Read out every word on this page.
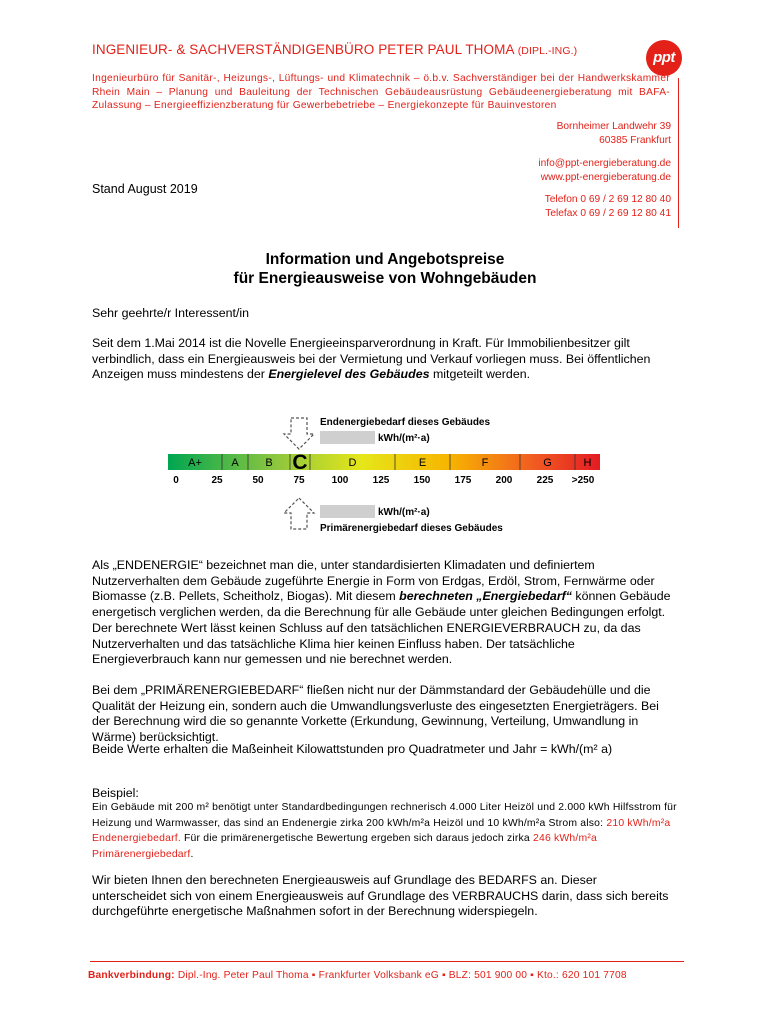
INGENIEUR- & SACHVERSTÄNDIGENBÜRO PETER PAUL THOMA (DIPL.-ING.)	ppt
Ingenieurbüro für Sanitär-, Heizungs-, Lüftungs- und Klimatechnik – ö.b.v. Sachverständiger bei der Handwerkskammer Rhein Main – Planung und Bauleitung der Technischen Gebäudeausrüstung Gebäudeenergieberatung mit BAFA-Zulassung – Energieeffizienzberatung für Gewerbebetriebe – Energiekonzepte für Bauinvestoren
Bornheimer Landwehr 39
60385 Frankfurt
info@ppt-energieberatung.de
www.ppt-energieberatung.de
Telefon 0 69 / 2 69 12 80 40
Telefax 0 69 / 2 69 12 80 41
Stand August 2019
Information und Angebotspreise
für Energieausweise von Wohngebäuden
Sehr geehrte/r Interessent/in
Seit dem 1.Mai 2014 ist die Novelle Energieeinsparverordnung in Kraft. Für Immobilienbesitzer gilt verbindlich, dass ein Energieausweis bei der Vermietung und Verkauf vorliegen muss. Bei öffentlichen Anzeigen muss mindestens der Energielevel des Gebäudes mitgeteilt werden.
Endenergiebedarf dieses Gebäudes
kWh/(m²·a)
A+	A B C	D	E	F	G	H
0	25	50	75	100 125 150 175 200 225 >250
kWh/(m²·a)
Primärenergiebedarf dieses Gebäudes
Als „ENDENERGIE“ bezeichnet man die, unter standardisierten Klimadaten und definiertem Nutzerverhalten dem Gebäude zugeführte Energie in Form von Erdgas, Erdöl, Strom, Fernwärme oder Biomasse (z.B. Pellets, Scheitholz, Biogas). Mit diesem berechneten „Energiebedarf“ können Gebäude energetisch verglichen werden, da die Berechnung für alle Gebäude unter gleichen Bedingungen erfolgt. Der berechnete Wert lässt keinen Schluss auf den tatsächlichen ENERGIEVERBRAUCH zu, da das Nutzerverhalten und das tatsächliche Klima hier keinen Einfluss haben. Der tatsächliche Energieverbrauch kann nur gemessen und nie berechnet werden.
Bei dem „PRIMÄRENERGIEBEDARF“ fließen nicht nur der Dämmstandard der Gebäudehülle und die Qualität der Heizung ein, sondern auch die Umwandlungsverluste des eingesetzten Energieträgers. Bei der Berechnung wird die so genannte Vorkette (Erkundung, Gewinnung, Verteilung, Umwandlung in Wärme) berücksichtigt.
Beide Werte erhalten die Maßeinheit Kilowattstunden pro Quadratmeter und Jahr = kWh/(m² a)
Beispiel:
Ein Gebäude mit 200 m² benötigt unter Standardbedingungen rechnerisch 4.000 Liter Heizöl und 2.000 kWh Hilfsstrom für Heizung und Warmwasser, das sind an Endenergie zirka 200 kWh/m²a Heizöl und 10 kWh/m²a Strom also: 210 kWh/m²a Endenergiebedarf. Für die primärenergetische Bewertung ergeben sich daraus jedoch zirka 246 kWh/m²a Primärenergiebedarf.
Wir bieten Ihnen den berechneten Energieausweis auf Grundlage des BEDARFS an. Dieser unterscheidet sich von einem Energieausweis auf Grundlage des VERBRAUCHS darin, dass sich bereits durchgeführte energetische Maßnahmen sofort in der Berechnung widerspiegeln.
Bankverbindung: Dipl.-Ing. Peter Paul Thoma ▪ Frankfurter Volksbank eG ▪ BLZ: 501 900 00 ▪ Kto.: 620 101 7708
